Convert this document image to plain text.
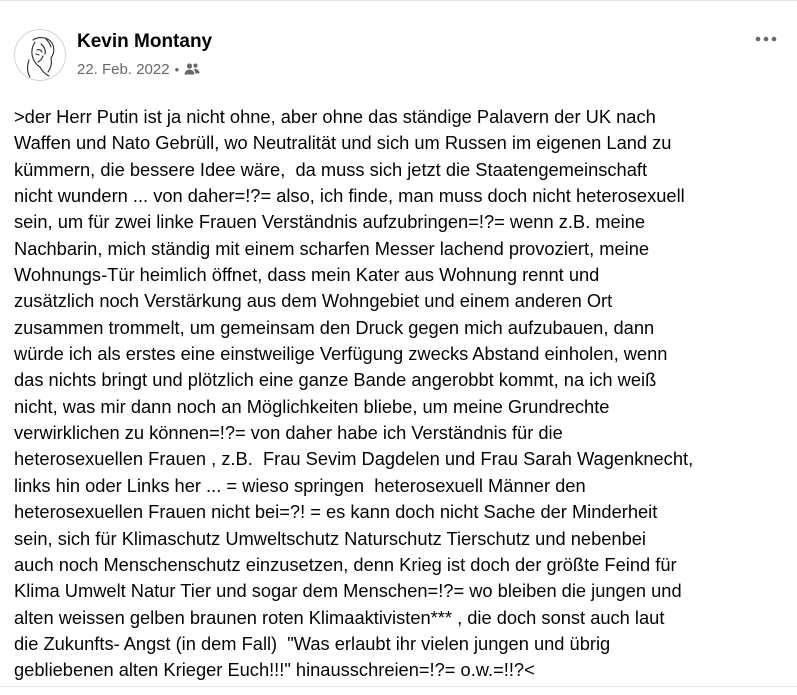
Kevin Montany
22. Feb. 2022 •
>der Herr Putin ist ja nicht ohne, aber ohne das ständige Palavern der UK nach
Waffen und Nato Gebrüll, wo Neutralität und sich um Russen im eigenen Land zu
kümmern, die bessere Idee wäre,  da muss sich jetzt die Staatengemeinschaft
nicht wundern ... von daher=!?= also, ich finde, man muss doch nicht heterosexuell
sein, um für zwei linke Frauen Verständnis aufzubringen=!?= wenn z.B. meine
Nachbarin, mich ständig mit einem scharfen Messer lachend provoziert, meine
Wohnungs-Tür heimlich öffnet, dass mein Kater aus Wohnung rennt und
zusätzlich noch Verstärkung aus dem Wohngebiet und einem anderen Ort
zusammen trommelt, um gemeinsam den Druck gegen mich aufzubauen, dann
würde ich als erstes eine einstweilige Verfügung zwecks Abstand einholen, wenn
das nichts bringt und plötzlich eine ganze Bande angerobbt kommt, na ich weiß
nicht, was mir dann noch an Möglichkeiten bliebe, um meine Grundrechte
verwirklichen zu können=!?= von daher habe ich Verständnis für die
heterosexuellen Frauen , z.B.  Frau Sevim Dagdelen und Frau Sarah Wagenknecht,
links hin oder Links her ... = wieso springen  heterosexuell Männer den
heterosexuellen Frauen nicht bei=?! = es kann doch nicht Sache der Minderheit
sein, sich für Klimaschutz Umweltschutz Naturschutz Tierschutz und nebenbei
auch noch Menschenschutz einzusetzen, denn Krieg ist doch der größte Feind für
Klima Umwelt Natur Tier und sogar dem Menschen=!?= wo bleiben die jungen und
alten weissen gelben braunen roten Klimaaktivisten*** , die doch sonst auch laut
die Zukunfts- Angst (in dem Fall)  "Was erlaubt ihr vielen jungen und übrig
gebliebenen alten Krieger Euch!!!" hinausschreien=!?= o.w.=!!?<
